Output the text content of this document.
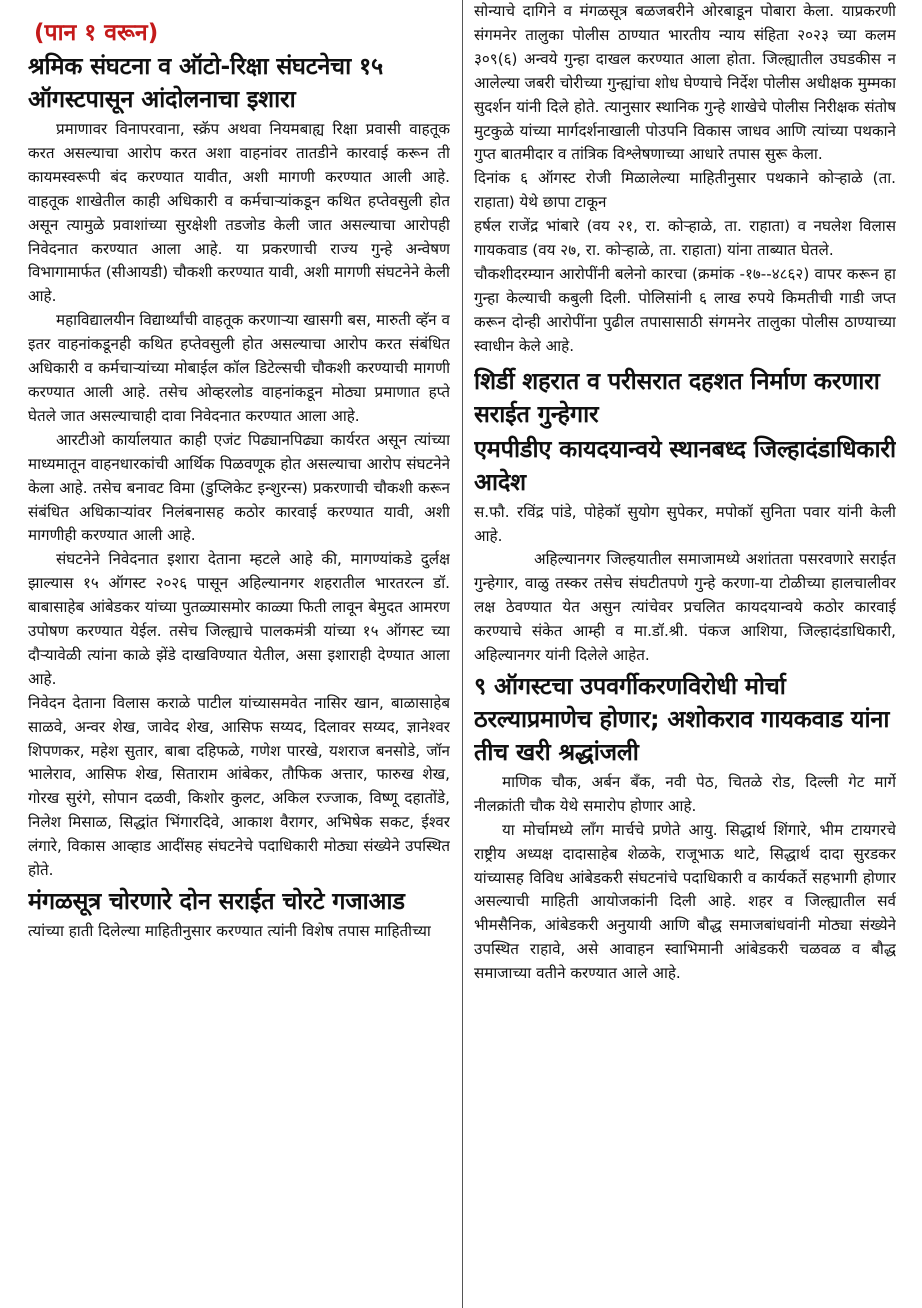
(पान १ वरून)
श्रमिक संघटना व ऑटो-रिक्षा संघटनेचा १५ ऑगस्टपासून आंदोलनाचा इशारा

प्रमाणावर विनापरवाना, स्क्रॅप अथवा नियमबाह्य रिक्षा प्रवासी वाहतूक करत असल्याचा आरोप करत अशा वाहनांवर तातडीने कारवाई करून ती कायमस्वरूपी बंद करण्यात यावीत, अशी मागणी करण्यात आली आहे. वाहतूक शाखेतील काही अधिकारी व कर्मचाऱ्यांकडून कथित हप्तेवसुली होत असून त्यामुळे प्रवाशांच्या सुरक्षेशी तडजोड केली जात असल्याचा आरोपही निवेदनात करण्यात आला आहे. या प्रकरणाची राज्य गुन्हे अन्वेषण विभागामार्फत (सीआयडी) चौकशी करण्यात यावी, अशी मागणी संघटनेने केली आहे.

महाविद्यालयीन विद्यार्थ्यांची वाहतूक करणाऱ्या खासगी बस, मारुती व्हॅन व इतर वाहनांकडूनही कथित हप्तेवसुली होत असल्याचा आरोप करत संबंधित अधिकारी व कर्मचाऱ्यांच्या मोबाईल कॉल डिटेल्सची चौकशी करण्याची मागणी करण्यात आली आहे. तसेच ओव्हरलोड वाहनांकडून मोठ्या प्रमाणात हप्ते घेतले जात असल्याचाही दावा निवेदनात करण्यात आला आहे.

आरटीओ कार्यालयात काही एजंट पिढ्यानपिढ्या कार्यरत असून त्यांच्या माध्यमातून वाहनधारकांची आर्थिक पिळवणूक होत असल्याचा आरोप संघटनेने केला आहे. तसेच बनावट विमा (डुप्लिकेट इन्शुरन्स) प्रकरणाची चौकशी करून संबंधित अधिकाऱ्यांवर निलंबनासह कठोर कारवाई करण्यात यावी, अशी मागणीही करण्यात आली आहे.

संघटनेने निवेदनात इशारा देताना म्हटले आहे की, मागण्यांकडे दुर्लक्ष झाल्यास १५ ऑगस्ट २०२६ पासून अहिल्यानगर शहरातील भारतरत्न डॉ. बाबासाहेब आंबेडकर यांच्या पुतळ्यासमोर काळ्या फिती लावून बेमुदत आमरण उपोषण करण्यात येईल. तसेच जिल्ह्याचे पालकमंत्री यांच्या १५ ऑगस्ट च्या दौऱ्यावेळी त्यांना काळे झेंडे दाखविण्यात येतील, असा इशाराही देण्यात आला आहे.

निवेदन देताना विलास कराळे पाटील यांच्यासमवेत नासिर खान, बाळासाहेब साळवे, अन्वर शेख, जावेद शेख, आसिफ सय्यद, दिलावर सय्यद, ज्ञानेश्वर शिपणकर, महेश सुतार, बाबा दहिफळे, गणेश पारखे, यशराज बनसोडे, जॉन भालेराव, आसिफ शेख, सिताराम आंबेकर, तौफिक अत्तार, फारुख शेख, गोरख सुरंगे, सोपान दळवी, किशोर कुलट, अकिल रज्जाक, विष्णू दहातोंडे, निलेश मिसाळ, सिद्धांत भिंगारदिवे, आकाश वैरागर, अभिषेक सकट, ईश्वर लंगारे, विकास आव्हाड आदींसह संघटनेचे पदाधिकारी मोठ्या संख्येने उपस्थित होते.

मंगळसूत्र चोरणारे दोन सराईत चोरटे गजाआड

त्यांच्या हाती दिलेल्या माहितीनुसार करण्यात त्यांनी विशेष तपास माहितीच्या

सोन्याचे दागिने व मंगळसूत्र बळजबरीने ओरबाडून पोबारा केला. याप्रकरणी संगमनेर तालुका पोलीस ठाण्यात भारतीय न्याय संहिता २०२३ च्या कलम ३०९(६) अन्वये गुन्हा दाखल करण्यात आला होता. जिल्ह्यातील उघडकीस न आलेल्या जबरी चोरीच्या गुन्ह्यांचा शोध घेण्याचे निर्देश पोलीस अधीक्षक मुम्मका सुदर्शन यांनी दिले होते. त्यानुसार स्थानिक गुन्हे शाखेचे पोलीस निरीक्षक संतोष मुटकुळे यांच्या मार्गदर्शनाखाली पोउपनि विकास जाधव आणि त्यांच्या पथकाने गुप्त बातमीदार व तांत्रिक विश्लेषणाच्या आधारे तपास सुरू केला.

दिनांक ६ ऑगस्ट रोजी मिळालेल्या माहितीनुसार पथकाने कोऱ्हाळे (ता. राहाता) येथे छापा टाकून

हर्षल राजेंद्र भांबारे (वय २१, रा. कोऱ्हाळे, ता. राहाता) व नघलेश विलास गायकवाड (वय २७, रा. कोऱ्हाळे, ता. राहाता) यांना ताब्यात घेतले.

चौकशीदरम्यान आरोपींनी बलेनो कारचा (क्रमांक -१७--४८६२) वापर करून हा गुन्हा केल्याची कबुली दिली. पोलिसांनी ६ लाख रुपये किमतीची गाडी जप्त करून दोन्ही आरोपींना पुढील तपासासाठी संगमनेर तालुका पोलीस ठाण्याच्या स्वाधीन केले आहे.

शिर्डी शहरात व परीसरात दहशत निर्माण करणारा सराईत गुन्हेगार
एमपीडीए कायदयान्वये स्थानबध्द जिल्हादंडाधिकारी आदेश

स.फौ. रविंद्र पांडे, पोहेकॉ सुयोग सुपेकर, मपोकॉ सुनिता पवार यांनी केली आहे.

अहिल्यानगर जिल्हयातील समाजामध्ये अशांतता पसरवणारे सराईत गुन्हेगार, वाळु तस्कर तसेच संघटीतपणे गुन्हे करणा-या टोळीच्या हालचालीवर लक्ष ठेवण्यात येत असुन त्यांचेवर प्रचलित कायदयान्वये कठोर कारवाई करण्याचे संकेत आम्ही व मा.डॉ.श्री. पंकज आशिया, जिल्हादंडाधिकारी, अहिल्यानगर यांनी दिलेले आहेत.

९ ऑगस्टचा उपवर्गीकरणविरोधी मोर्चा ठरल्याप्रमाणेच होणार; अशोकराव गायकवाड यांना तीच खरी श्रद्धांजली

माणिक चौक, अर्बन बँक, नवी पेठ, चितळे रोड, दिल्ली गेट मार्गे नीलक्रांती चौक येथे समारोप होणार आहे.

या मोर्चामध्ये लॉंग मार्चचे प्रणेते आयु. सिद्धार्थ शिंगारे, भीम टायगरचे राष्ट्रीय अध्यक्ष दादासाहेब शेळके, राजूभाऊ थाटे, सिद्धार्थ दादा सुरडकर यांच्यासह विविध आंबेडकरी संघटनांचे पदाधिकारी व कार्यकर्ते सहभागी होणार असल्याची माहिती आयोजकांनी दिली आहे. शहर व जिल्ह्यातील सर्व भीमसैनिक, आंबेडकरी अनुयायी आणि बौद्ध समाजबांधवांनी मोठ्या संख्येने उपस्थित राहावे, असे आवाहन स्वाभिमानी आंबेडकरी चळवळ व बौद्ध समाजाच्या वतीने करण्यात आले आहे.
